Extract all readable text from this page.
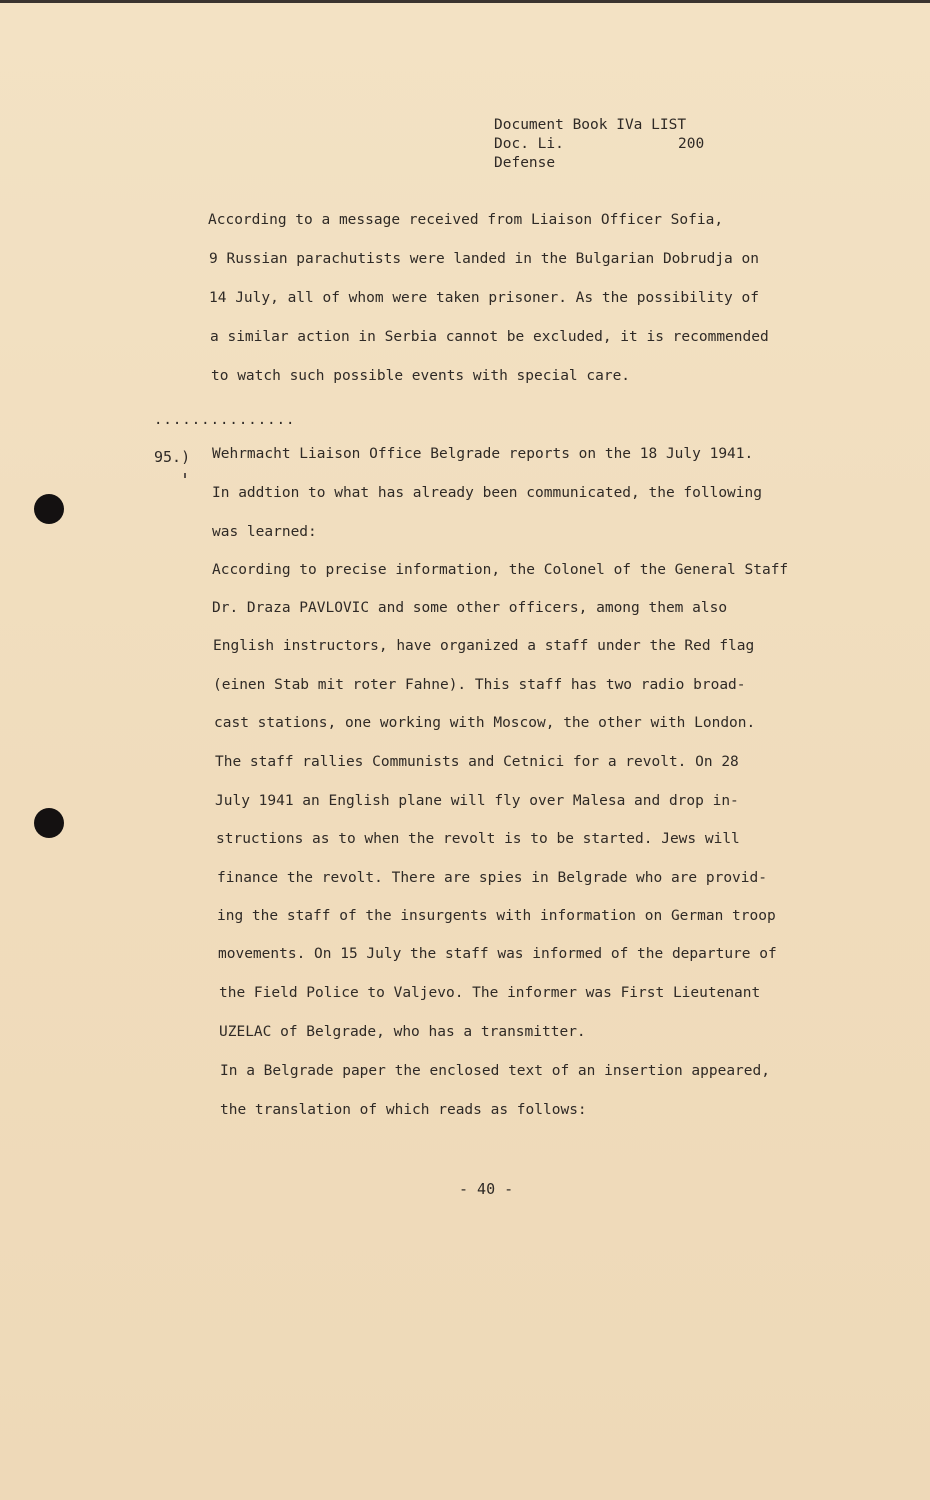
Document Book IVa LIST
Doc. Li.	200
Defense
According to a message received from Liaison Officer Sofia,
9 Russian parachutists were landed in the Bulgarian Dobrudja on
14 July, all of whom were taken prisoner. As the possibility of
a similar action in Serbia cannot be excluded, it is recommended
to watch such possible events with special care.
...............
95.) Wehrmacht Liaison Office Belgrade reports on the 18 July 1941.
In addtion to what has already been communicated, the following
was learned:
According to precise information, the Colonel of the General Staff
Dr. Draza PAVLOVIC and some other officers, among them also
English instructors, have organized a staff under the Red flag
(einen Stab mit roter Fahne). This staff has two radio broad-
cast stations, one working with Moscow, the other with London.
The staff rallies Communists and Cetnici for a revolt. On 28
July 1941 an English plane will fly over Malesa and drop in-
structions as to when the revolt is to be started. Jews will
finance the revolt. There are spies in Belgrade who are provid-
ing the staff of the insurgents with information on German troop
movements. On 15 July the staff was informed of the departure of
the Field Police to Valjevo. The informer was First Lieutenant
UZELAC of Belgrade, who has a transmitter.
In a Belgrade paper the enclosed text of an insertion appeared,
the translation of which reads as follows:
- 40 -
